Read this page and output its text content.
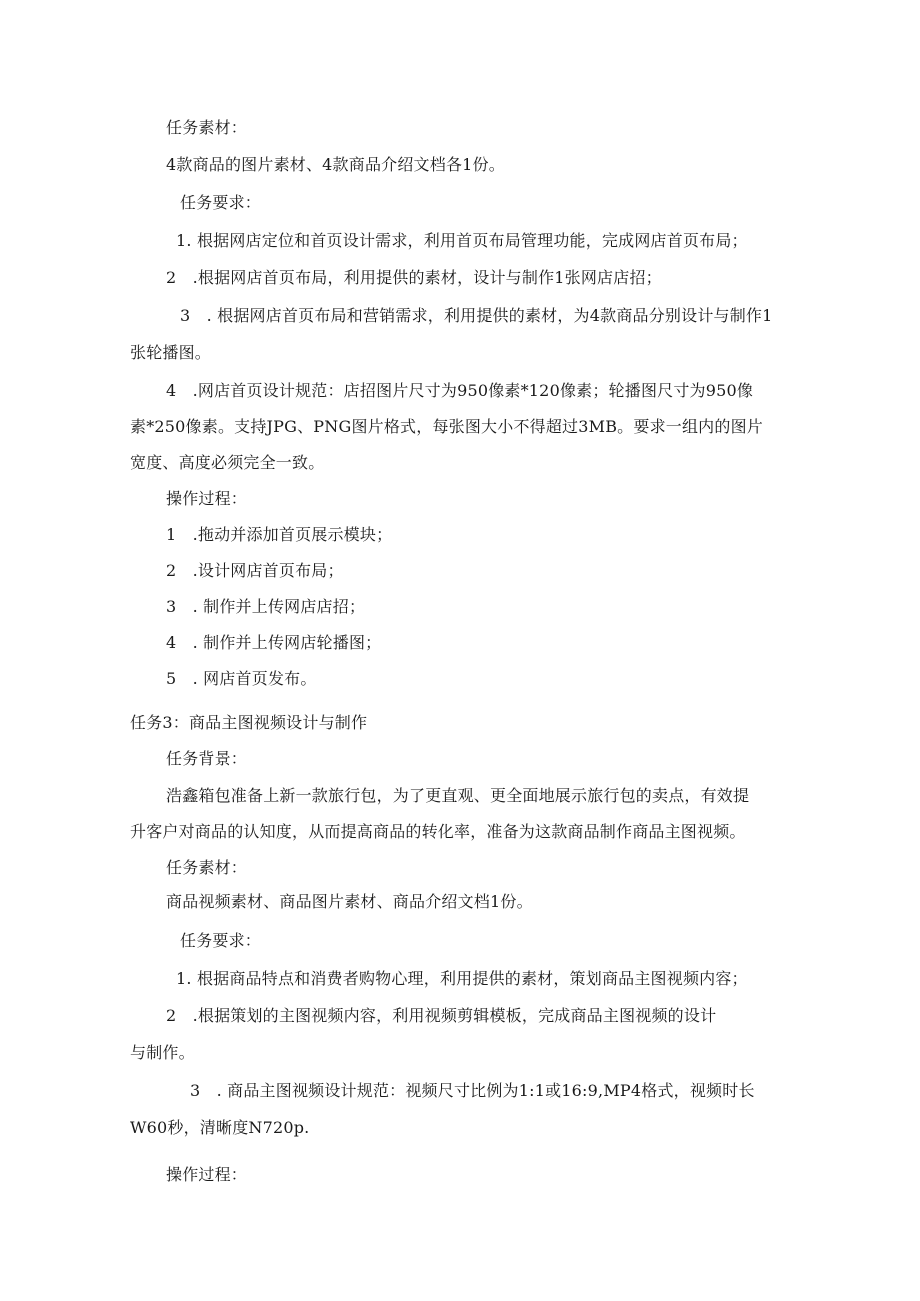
任务素材：
4款商品的图片素材、4款商品介绍文档各1份。
任务要求：
1. 根据网店定位和首页设计需求，利用首页布局管理功能，完成网店首页布局；
2　.根据网店首页布局，利用提供的素材，设计与制作1张网店店招；
3　. 根据网店首页布局和营销需求，利用提供的素材，为4款商品分别设计与制作1
张轮播图。
4　.网店首页设计规范：店招图片尺寸为950像素*120像素；轮播图尺寸为950像
素*250像素。支持JPG、PNG图片格式，每张图大小不得超过3MB。要求一组内的图片
宽度、高度必须完全一致。
操作过程：
1　.拖动并添加首页展示模块；
2　.设计网店首页布局；
3　. 制作并上传网店店招；
4　. 制作并上传网店轮播图；
5　. 网店首页发布。
任务3：商品主图视频设计与制作
任务背景：
浩鑫箱包准备上新一款旅行包，为了更直观、更全面地展示旅行包的卖点，有效提
升客户对商品的认知度，从而提高商品的转化率，准备为这款商品制作商品主图视频。
任务素材：
商品视频素材、商品图片素材、商品介绍文档1份。
任务要求：
1. 根据商品特点和消费者购物心理，利用提供的素材，策划商品主图视频内容；
2　.根据策划的主图视频内容，利用视频剪辑模板，完成商品主图视频的设计
与制作。
3　. 商品主图视频设计规范：视频尺寸比例为1:1或16:9,MP4格式，视频时长
W60秒，清晰度N720p.
操作过程：
